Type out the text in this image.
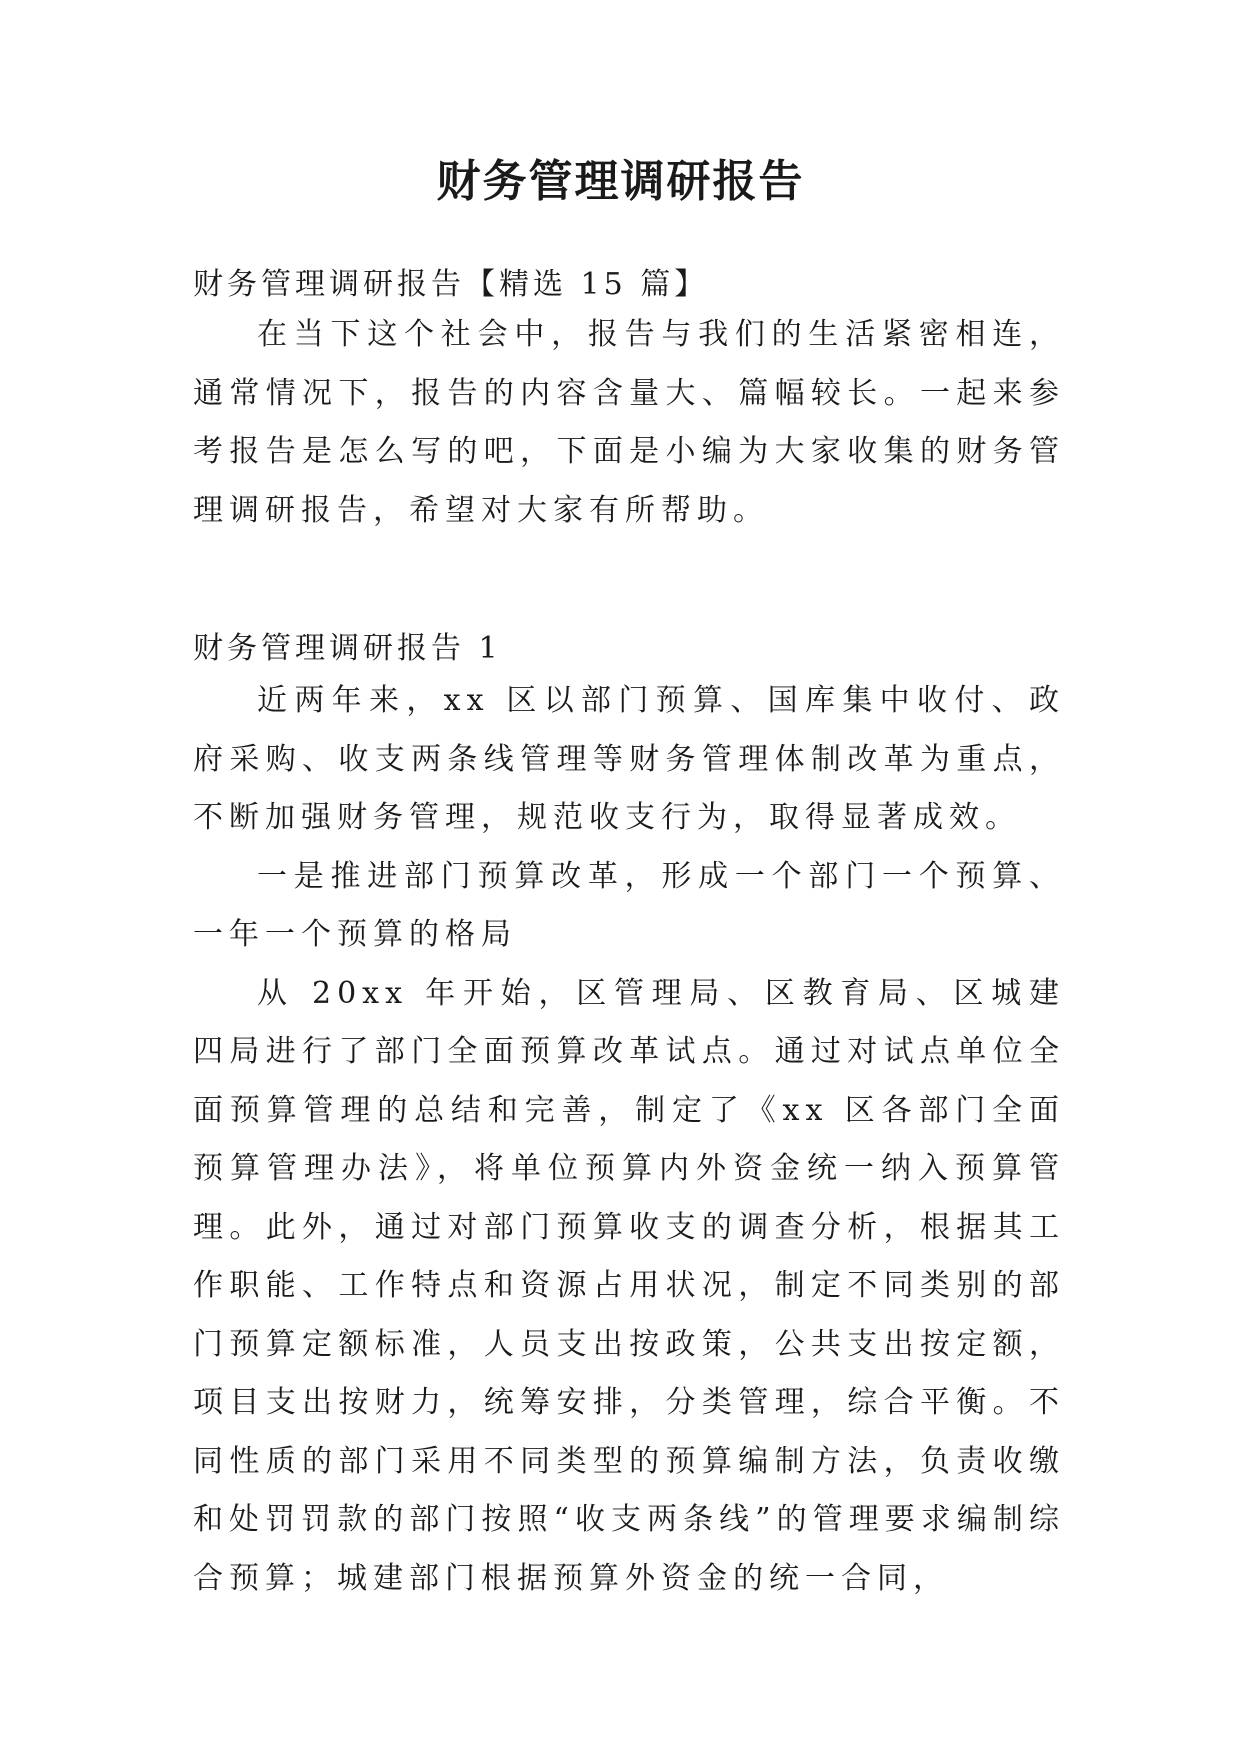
财务管理调研报告
财务管理调研报告【精选 15 篇】

在当下这个社会中，报告与我们的生活紧密相连，通常情况下，报告的内容含量大、篇幅较长。一起来参考报告是怎么写的吧，下面是小编为大家收集的财务管理调研报告，希望对大家有所帮助。

财务管理调研报告 1

近两年来，xx 区以部门预算、国库集中收付、政府采购、收支两条线管理等财务管理体制改革为重点，不断加强财务管理，规范收支行为，取得显著成效。

一是推进部门预算改革，形成一个部门一个预算、一年一个预算的格局

从 20xx 年开始，区管理局、区教育局、区城建四局进行了部门全面预算改革试点。通过对试点单位全面预算管理的总结和完善，制定了《xx 区各部门全面预算管理办法》，将单位预算内外资金统一纳入预算管理。此外，通过对部门预算收支的调查分析，根据其工作职能、工作特点和资源占用状况，制定不同类别的部门预算定额标准，人员支出按政策，公共支出按定额，项目支出按财力，统筹安排，分类管理，综合平衡。不同性质的部门采用不同类型的预算编制方法，负责收缴和处罚罚款的部门按照“收支两条线”的管理要求编制综合预算；城建部门根据预算外资金的统一合同，
